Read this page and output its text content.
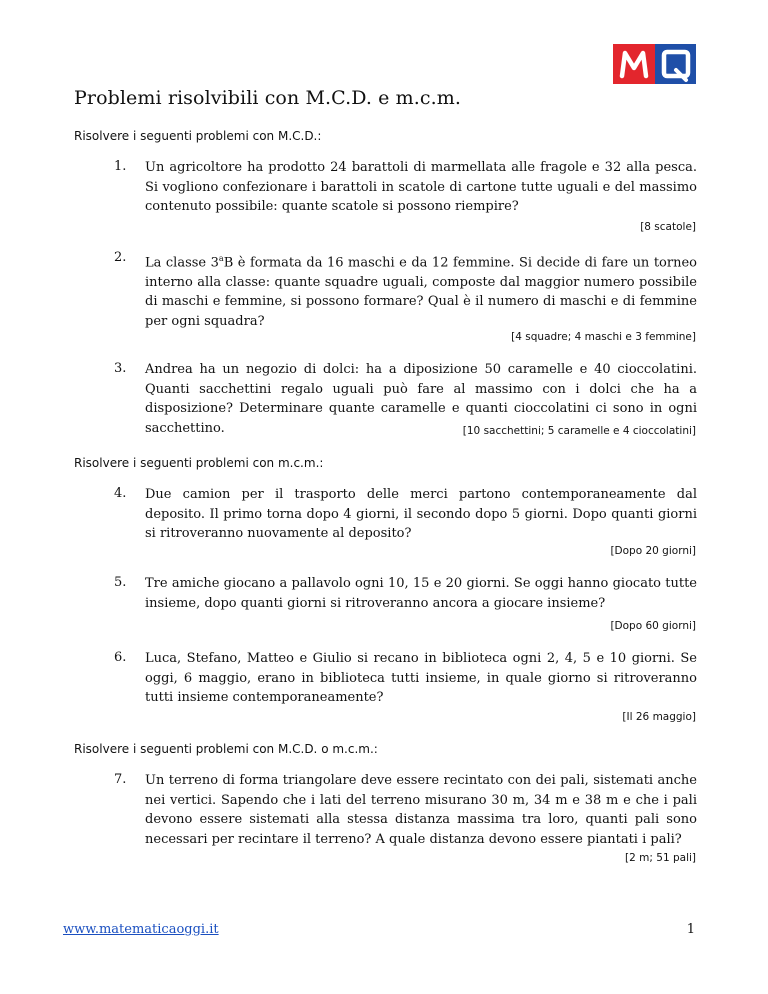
Problemi risolvibili con M.C.D. e m.c.m.
Risolvere i seguenti problemi con M.C.D.:
1. Un agricoltore ha prodotto 24 barattoli di marmellata alle fragole e 32 alla pesca. Si vogliono confezionare i barattoli in scatole di cartone tutte uguali e del massimo contenuto possibile: quante scatole si possono riempire?
[8 scatole]
2. La classe 3$^a$B è formata da 16 maschi e da 12 femmine. Si decide di fare un torneo interno alla classe: quante squadre uguali, composte dal maggior numero possibile di maschi e femmine, si possono formare? Qual è il numero di maschi e di femmine per ogni squadra?
[4 squadre; 4 maschi e 3 femmine]
3. Andrea ha un negozio di dolci: ha a diposizione 50 caramelle e 40 cioccolatini. Quanti sacchettini regalo uguali può fare al massimo con i dolci che ha a disposizione? Determinare quante caramelle e quanti cioccolatini ci sono in ogni sacchettino.	[10 sacchettini; 5 caramelle e 4 cioccolatini]
Risolvere i seguenti problemi con m.c.m.:
4. Due camion per il trasporto delle merci partono contemporaneamente dal deposito. Il primo torna dopo 4 giorni, il secondo dopo 5 giorni. Dopo quanti giorni si ritroveranno nuovamente al deposito?
[Dopo 20 giorni]
5. Tre amiche giocano a pallavolo ogni 10, 15 e 20 giorni. Se oggi hanno giocato tutte insieme, dopo quanti giorni si ritroveranno ancora a giocare insieme?
[Dopo 60 giorni]
6. Luca, Stefano, Matteo e Giulio si recano in biblioteca ogni 2, 4, 5 e 10 giorni. Se oggi, 6 maggio, erano in biblioteca tutti insieme, in quale giorno si ritroveranno tutti insieme contemporaneamente?
[Il 26 maggio]
Risolvere i seguenti problemi con M.C.D. o m.c.m.:
7. Un terreno di forma triangolare deve essere recintato con dei pali, sistemati anche nei vertici. Sapendo che i lati del terreno misurano 30 m, 34 m e 38 m e che i pali devono essere sistemati alla stessa distanza massima tra loro, quanti pali sono necessari per recintare il terreno? A quale distanza devono essere piantati i pali?
[2 m; 51 pali]
www.matematicaoggi.it	1
